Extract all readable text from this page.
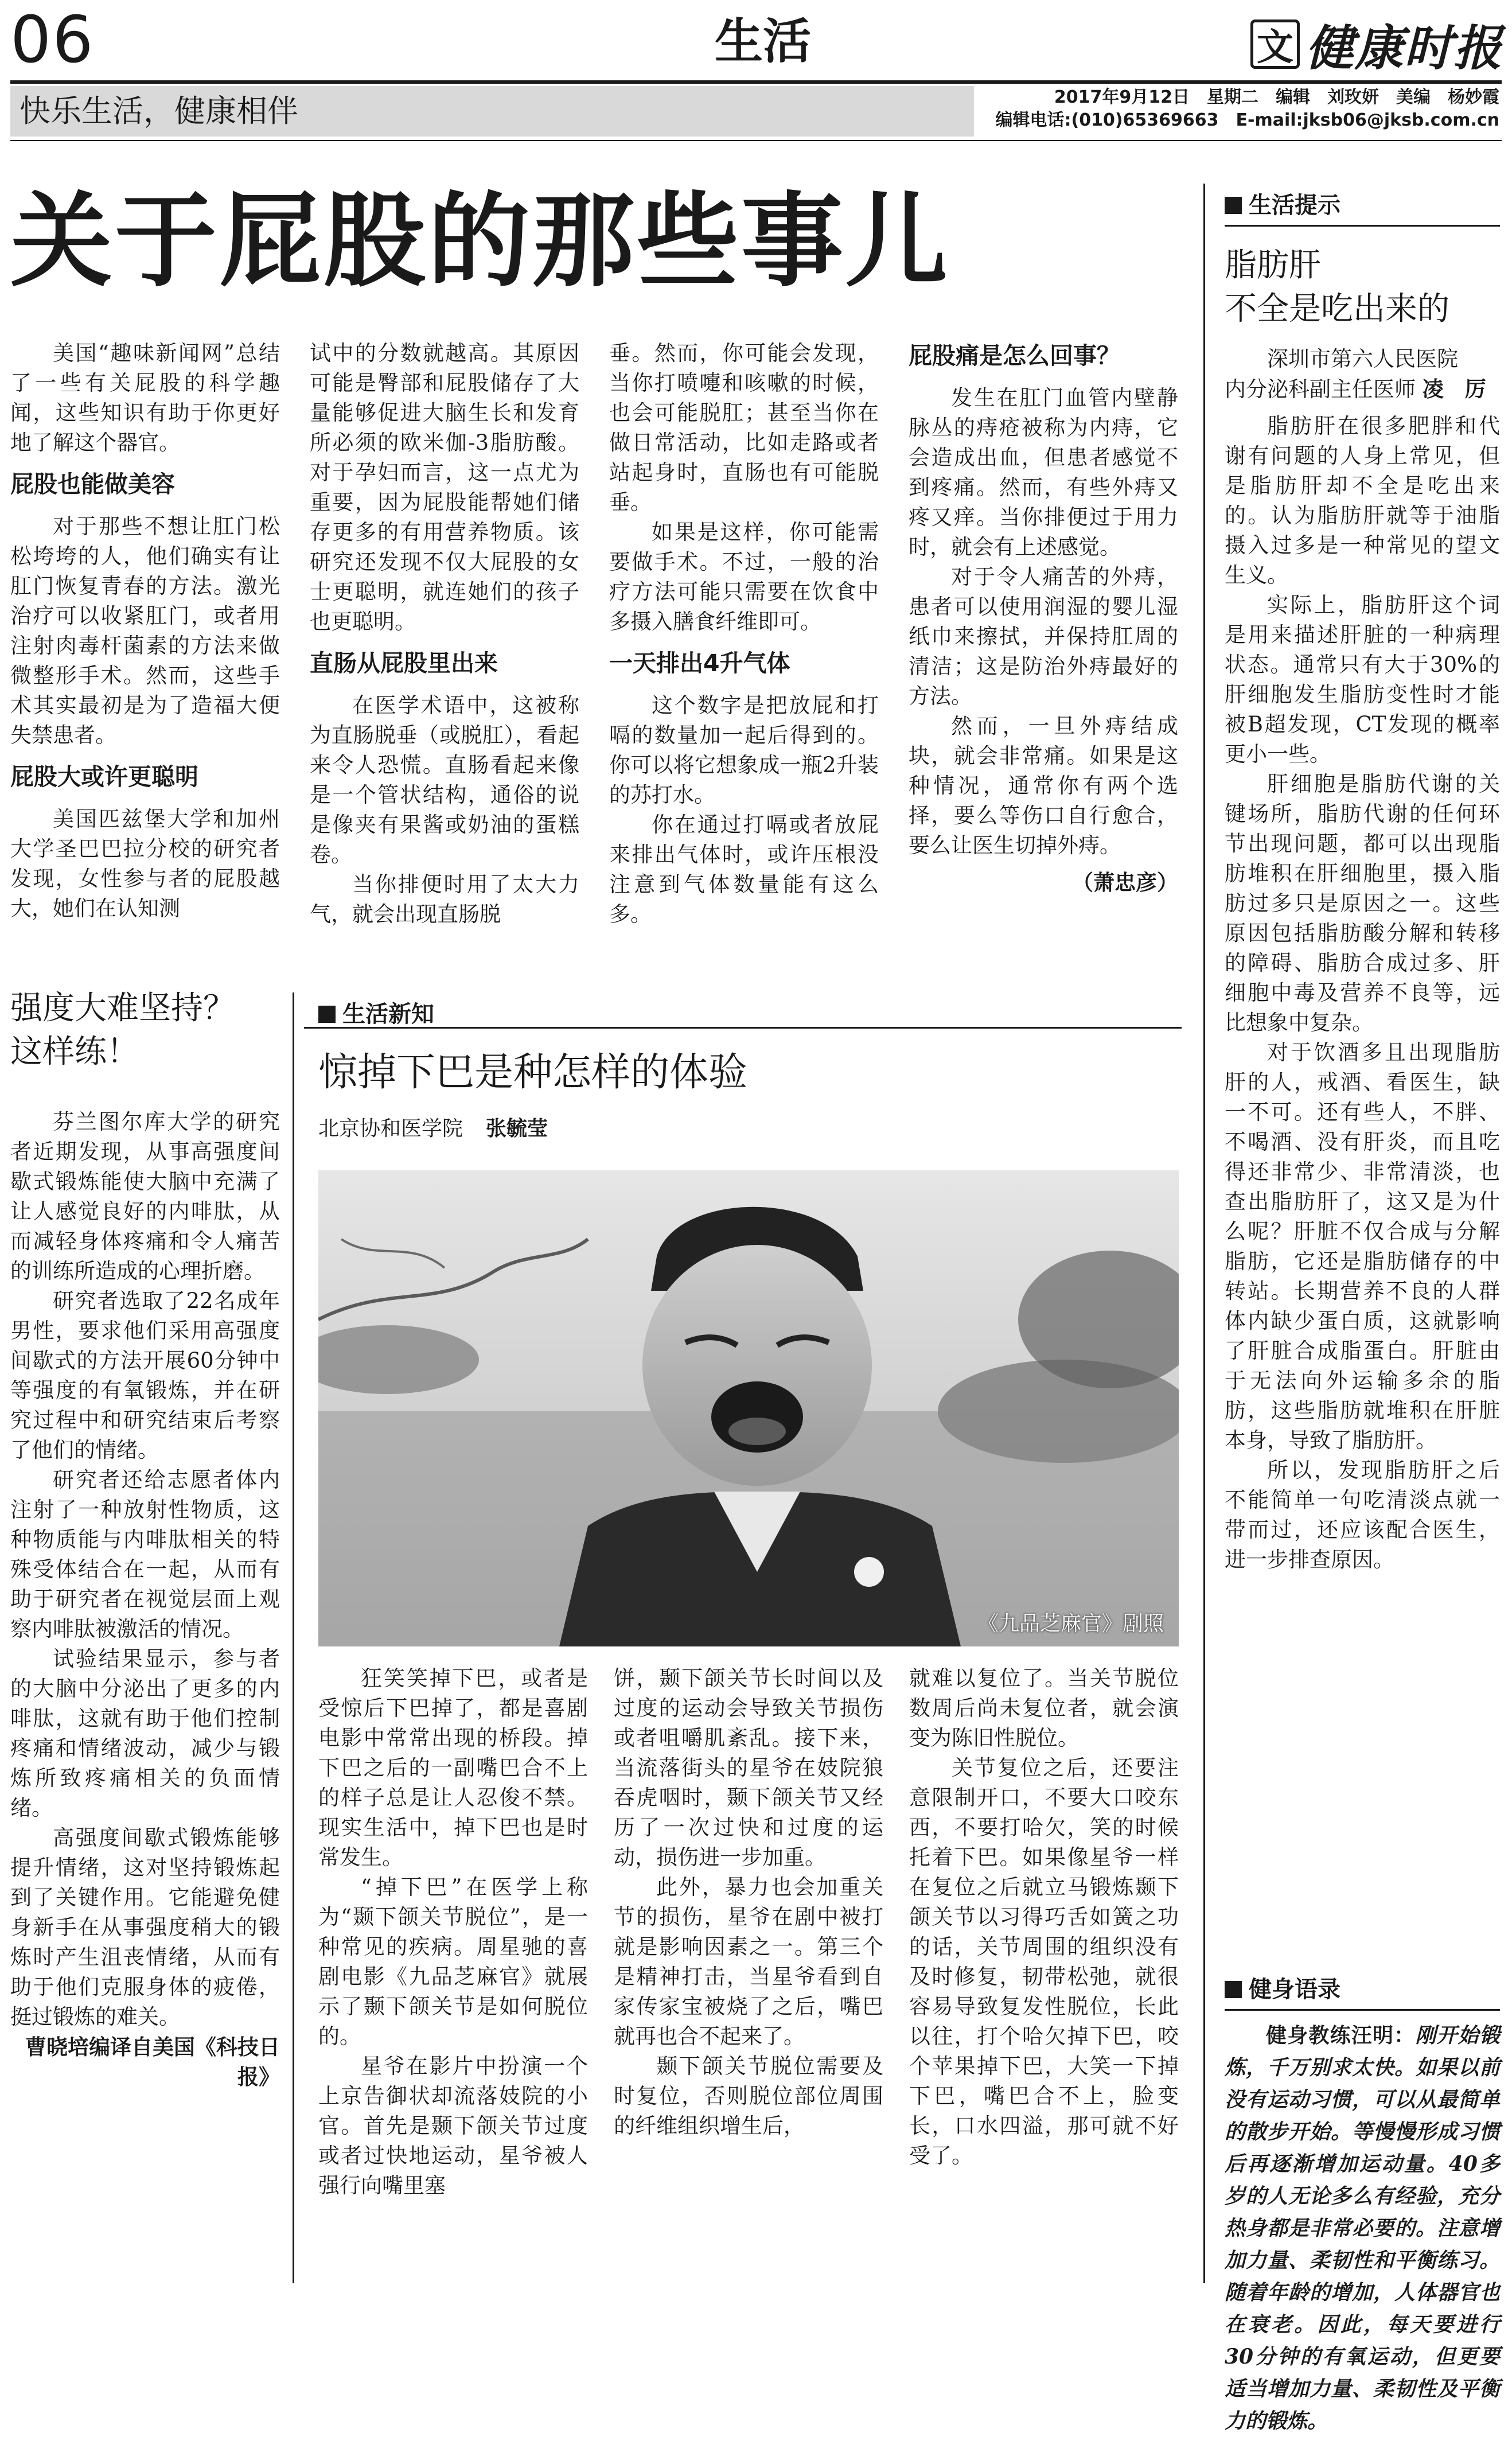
06	生活	文 健康时报
快乐生活，健康相伴	2017年9月12日　星期二　编辑　刘玫妍　美编　杨妙霞
编辑电话:(010)65369663　E-mail:jksb06@jksb.com.cn
关于屁股的那些事儿

美国“趣味新闻网”总结了一些有关屁股的科学趣闻，这些知识有助于你更好地了解这个器官。

屁股也能做美容

对于那些不想让肛门松松垮垮的人，他们确实有让肛门恢复青春的方法。激光治疗可以收紧肛门，或者用注射肉毒杆菌素的方法来做微整形手术。然而，这些手术其实最初是为了造福大便失禁患者。

屁股大或许更聪明

美国匹兹堡大学和加州大学圣巴巴拉分校的研究者发现，女性参与者的屁股越大，她们在认知测

试中的分数就越高。其原因可能是臀部和屁股储存了大量能够促进大脑生长和发育所必须的欧米伽-3脂肪酸。对于孕妇而言，这一点尤为重要，因为屁股能帮她们储存更多的有用营养物质。该研究还发现不仅大屁股的女士更聪明，就连她们的孩子也更聪明。

直肠从屁股里出来

在医学术语中，这被称为直肠脱垂（或脱肛），看起来令人恐慌。直肠看起来像是一个管状结构，通俗的说是像夹有果酱或奶油的蛋糕卷。

当你排便时用了太大力气，就会出现直肠脱

垂。然而，你可能会发现，当你打喷嚏和咳嗽的时候，也会可能脱肛；甚至当你在做日常活动，比如走路或者站起身时，直肠也有可能脱垂。

如果是这样，你可能需要做手术。不过，一般的治疗方法可能只需要在饮食中多摄入膳食纤维即可。

一天排出4升气体

这个数字是把放屁和打嗝的数量加一起后得到的。你可以将它想象成一瓶2升装的苏打水。

你在通过打嗝或者放屁来排出气体时，或许压根没注意到气体数量能有这么多。

屁股痛是怎么回事？

发生在肛门血管内壁静脉丛的痔疮被称为内痔，它会造成出血，但患者感觉不到疼痛。然而，有些外痔又疼又痒。当你排便过于用力时，就会有上述感觉。

对于令人痛苦的外痔，患者可以使用润湿的婴儿湿纸巾来擦拭，并保持肛周的清洁；这是防治外痔最好的方法。

然而，一旦外痔结成块，就会非常痛。如果是这种情况，通常你有两个选择，要么等伤口自行愈合，要么让医生切掉外痔。

（萧忠彦）
强度大难坚持？
这样练！

芬兰图尔库大学的研究者近期发现，从事高强度间歇式锻炼能使大脑中充满了让人感觉良好的内啡肽，从而减轻身体疼痛和令人痛苦的训练所造成的心理折磨。

研究者选取了22名成年男性，要求他们采用高强度间歇式的方法开展60分钟中等强度的有氧锻炼，并在研究过程中和研究结束后考察了他们的情绪。

研究者还给志愿者体内注射了一种放射性物质，这种物质能与内啡肽相关的特殊受体结合在一起，从而有助于研究者在视觉层面上观察内啡肽被激活的情况。

试验结果显示，参与者的大脑中分泌出了更多的内啡肽，这就有助于他们控制疼痛和情绪波动，减少与锻炼所致疼痛相关的负面情绪。

高强度间歇式锻炼能够提升情绪，这对坚持锻炼起到了关键作用。它能避免健身新手在从事强度稍大的锻炼时产生沮丧情绪，从而有助于他们克服身体的疲倦，挺过锻炼的难关。

曹晓培编译自美国《科技日报》
生活新知
惊掉下巴是种怎样的体验
北京协和医学院 张毓莹
《九品芝麻官》剧照

狂笑笑掉下巴，或者是受惊后下巴掉了，都是喜剧电影中常常出现的桥段。掉下巴之后的一副嘴巴合不上的样子总是让人忍俊不禁。现实生活中，掉下巴也是时常发生。

“掉下巴”在医学上称为“颞下颌关节脱位”，是一种常见的疾病。周星驰的喜剧电影《九品芝麻官》就展示了颞下颌关节是如何脱位的。

星爷在影片中扮演一个上京告御状却流落妓院的小官。首先是颞下颌关节过度或者过快地运动，星爷被人强行向嘴里塞

饼，颞下颌关节长时间以及过度的运动会导致关节损伤或者咀嚼肌紊乱。接下来，当流落街头的星爷在妓院狼吞虎咽时，颞下颌关节又经历了一次过快和过度的运动，损伤进一步加重。

此外，暴力也会加重关节的损伤，星爷在剧中被打就是影响因素之一。第三个是精神打击，当星爷看到自家传家宝被烧了之后，嘴巴就再也合不起来了。

颞下颌关节脱位需要及时复位，否则脱位部位周围的纤维组织增生后，

就难以复位了。当关节脱位数周后尚未复位者，就会演变为陈旧性脱位。

关节复位之后，还要注意限制开口，不要大口咬东西，不要打哈欠，笑的时候托着下巴。如果像星爷一样在复位之后就立马锻炼颞下颌关节以习得巧舌如簧之功的话，关节周围的组织没有及时修复，韧带松弛，就很容易导致复发性脱位，长此以往，打个哈欠掉下巴，咬个苹果掉下巴，大笑一下掉下巴，嘴巴合不上，脸变长，口水四溢，那可就不好受了。

生活提示
脂肪肝
不全是吃出来的

深圳市第六人民医院

内分泌科副主任医师 凌　厉

脂肪肝在很多肥胖和代谢有问题的人身上常见，但是脂肪肝却不全是吃出来的。认为脂肪肝就等于油脂摄入过多是一种常见的望文生义。

实际上，脂肪肝这个词是用来描述肝脏的一种病理状态。通常只有大于30%的肝细胞发生脂肪变性时才能被B超发现，CT发现的概率更小一些。

肝细胞是脂肪代谢的关键场所，脂肪代谢的任何环节出现问题，都可以出现脂肪堆积在肝细胞里，摄入脂肪过多只是原因之一。这些原因包括脂肪酸分解和转移的障碍、脂肪合成过多、肝细胞中毒及营养不良等，远比想象中复杂。

对于饮酒多且出现脂肪肝的人，戒酒、看医生，缺一不可。还有些人，不胖、不喝酒、没有肝炎，而且吃得还非常少、非常清淡，也查出脂肪肝了，这又是为什么呢？肝脏不仅合成与分解脂肪，它还是脂肪储存的中转站。长期营养不良的人群体内缺少蛋白质，这就影响了肝脏合成脂蛋白。肝脏由于无法向外运输多余的脂肪，这些脂肪就堆积在肝脏本身，导致了脂肪肝。

所以，发现脂肪肝之后不能简单一句吃清淡点就一带而过，还应该配合医生，进一步排查原因。

健身语录
健身教练汪明：刚开始锻炼，千万别求太快。如果以前没有运动习惯，可以从最简单的散步开始。等慢慢形成习惯后再逐渐增加运动量。40多岁的人无论多么有经验，充分热身都是非常必要的。注意增加力量、柔韧性和平衡练习。随着年龄的增加，人体器官也在衰老。因此，每天要进行30分钟的有氧运动，但更要适当增加力量、柔韧性及平衡力的锻炼。
